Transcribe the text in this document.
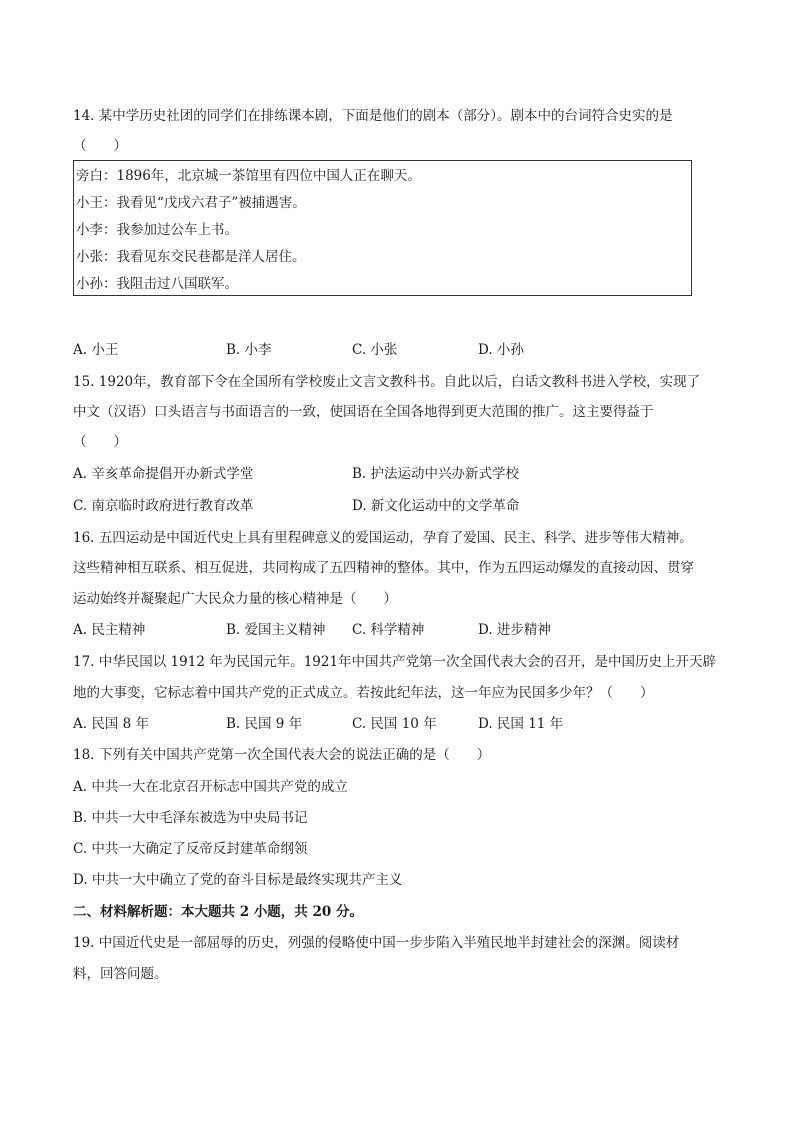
14. 某中学历史社团的同学们在排练课本剧，下面是他们的剧本（部分）。剧本中的台词符合史实的是
（　　）
旁白：1896年，北京城一茶馆里有四位中国人正在聊天。
小王：我看见“戊戌六君子”被捕遇害。
小李：我参加过公车上书。
小张：我看见东交民巷都是洋人居住。
小孙：我阻击过八国联军。
A. 小王	B. 小李	C. 小张	D. 小孙
15. 1920年，教育部下令在全国所有学校废止文言文教科书。自此以后，白话文教科书进入学校，实现了
中文（汉语）口头语言与书面语言的一致，使国语在全国各地得到更大范围的推广。这主要得益于
（　　）
A. 辛亥革命提倡开办新式学堂	B. 护法运动中兴办新式学校
C. 南京临时政府进行教育改革	D. 新文化运动中的文学革命
16. 五四运动是中国近代史上具有里程碑意义的爱国运动，孕育了爱国、民主、科学、进步等伟大精神。
这些精神相互联系、相互促进，共同构成了五四精神的整体。其中，作为五四运动爆发的直接动因、贯穿
运动始终并凝聚起广大民众力量的核心精神是（　　）
A. 民主精神	B. 爱国主义精神 C. 科学精神	D. 进步精神
17. 中华民国以 1912 年为民国元年。1921年中国共产党第一次全国代表大会的召开，是中国历史上开天辟
地的大事变，它标志着中国共产党的正式成立。若按此纪年法，这一年应为民国多少年？（　　）
A. 民国 8 年	B. 民国 9 年	C. 民国 10 年	D. 民国 11 年
18. 下列有关中国共产党第一次全国代表大会的说法正确的是（　　）
A. 中共一大在北京召开标志中国共产党的成立
B. 中共一大中毛泽东被选为中央局书记
C. 中共一大确定了反帝反封建革命纲领
D. 中共一大中确立了党的奋斗目标是最终实现共产主义
二、材料解析题：本大题共 2 小题，共 20 分。
19. 中国近代史是一部屈辱的历史，列强的侵略使中国一步步陷入半殖民地半封建社会的深渊。阅读材
料，回答问题。
